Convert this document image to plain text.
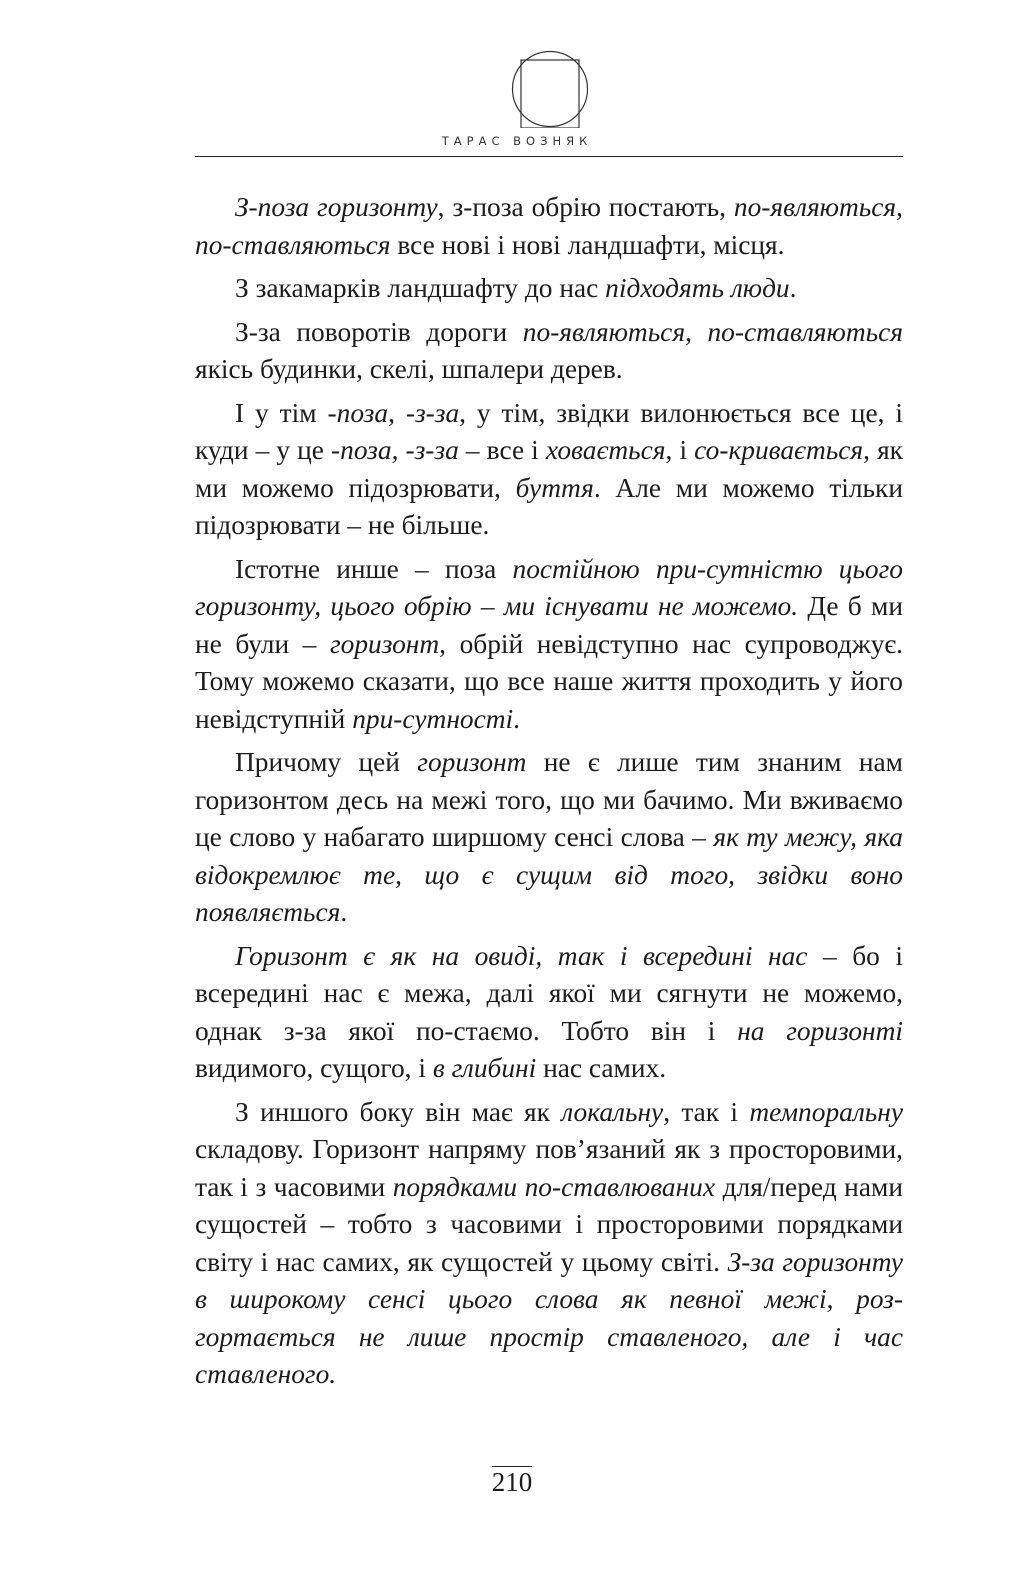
ТАРАС ВОЗНЯК

З-поза горизонту, з-поза обрію постають, по-являються, по-ставляються все нові і нові ландшафти, місця.

З закамарків ландшафту до нас підходять люди.

З-за поворотів дороги по-являються, по-ставляються якісь будинки, скелі, шпалери дерев.

І у тім -поза, -з-за, у тім, звідки вилонюється все це, і куди – у це -поза, -з-за – все і ховається, і со-кривається, як ми можемо підозрювати, буття. Але ми можемо тільки підозрювати – не більше.

Істотне инше – поза постійною при-сутністю цього горизонту, цього обрію – ми існувати не можемо. Де б ми не були – горизонт, обрій невідступно нас супроводжує. Тому можемо сказати, що все наше життя проходить у його невідступній при-сутності.

Причому цей горизонт не є лише тим знаним нам горизонтом десь на межі того, що ми бачимо. Ми вживаємо це слово у набагато ширшому сенсі слова – як ту межу, яка відокремлює те, що є сущим від того, звідки воно появляється.

Горизонт є як на овиді, так і всередині нас – бо і всередині нас є межа, далі якої ми сягнути не можемо, однак з-за якої по-стаємо. Тобто він і на горизонті видимого, сущого, і в глибині нас самих.

З иншого боку він має як локальну, так і темпоральну складову. Горизонт напряму пов’язаний як з просторовими, так і з часовими порядками по-ставлюваних для/перед нами сущостей – тобто з часовими і просторовими порядками світу і нас самих, як сущостей у цьому світі. З-за горизонту в широкому сенсі цього слова як певної межі, роз-гортається не лише простір ставленого, але і час ставленого.

210
